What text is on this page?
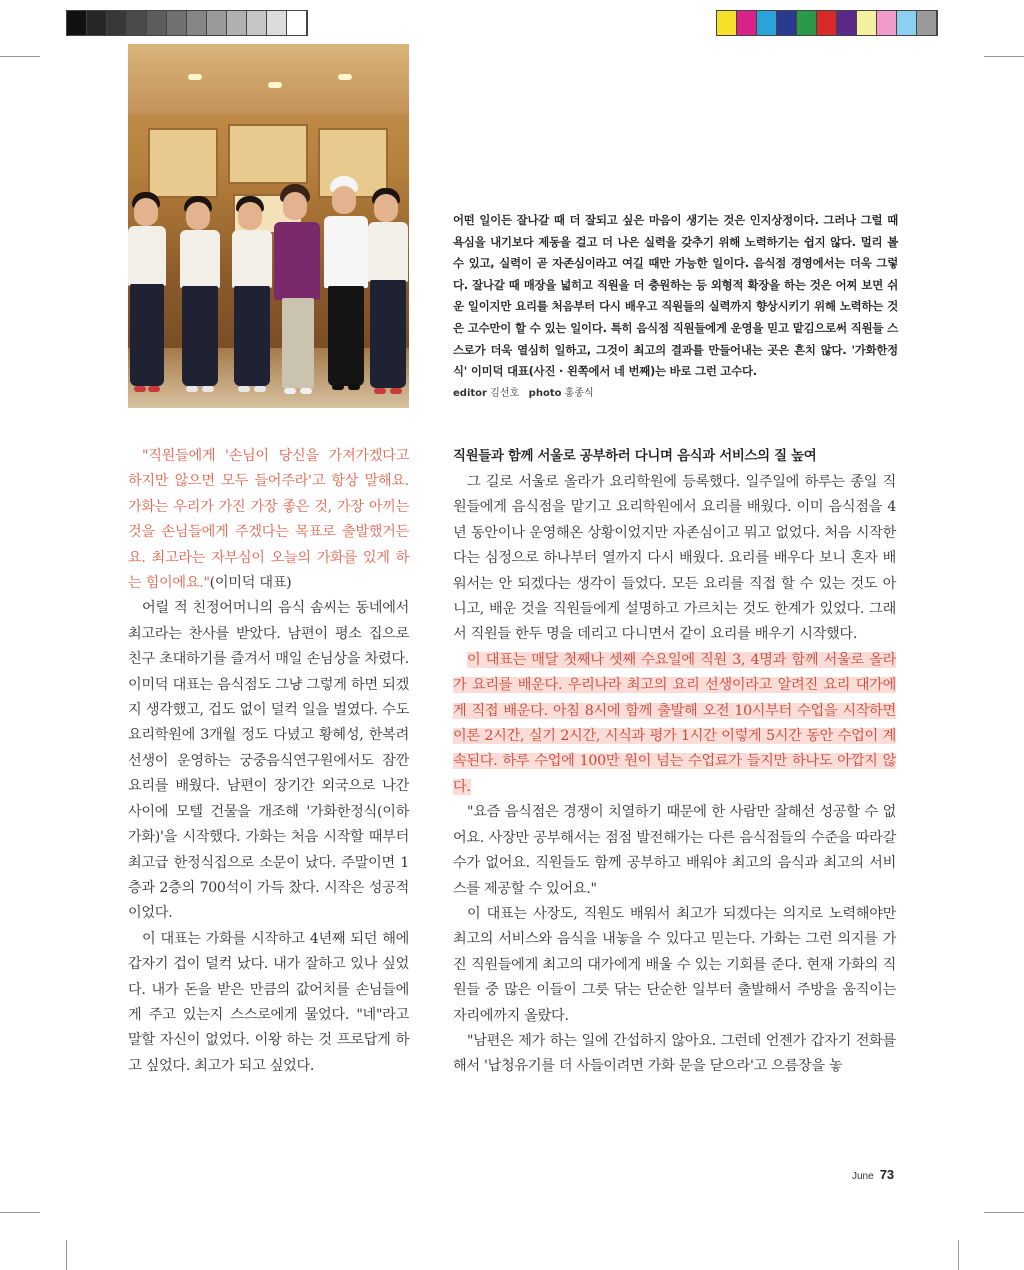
어떤 일이든 잘나갈 때 더 잘되고 싶은 마음이 생기는 것은 인지상정이다. 그러나 그럴 때 욕심을 내기보다 제동을 걸고 더 나은 실력을 갖추기 위해 노력하기는 쉽지 않다. 멀리 볼 수 있고, 실력이 곧 자존심이라고 여길 때만 가능한 일이다. 음식점 경영에서는 더욱 그렇다. 잘나갈 때 매장을 넓히고 직원을 더 충원하는 등 외형적 확장을 하는 것은 어찌 보면 쉬운 일이지만 요리를 처음부터 다시 배우고 직원들의 실력까지 향상시키기 위해 노력하는 것은 고수만이 할 수 있는 일이다. 특히 음식점 직원들에게 운영을 믿고 맡김으로써 직원들 스스로가 더욱 열심히 일하고, 그것이 최고의 결과를 만들어내는 곳은 흔치 않다. '가화한정식' 이미덕 대표(사진 · 왼쪽에서 네 번째)는 바로 그런 고수다.
editor 김선호 photo 홍종식

"직원들에게 '손님이 당신을 가져가겠다고 하지만 않으면 모두 들어주라'고 항상 말해요. 가화는 우리가 가진 가장 좋은 것, 가장 아끼는 것을 손님들에게 주겠다는 목표로 출발했거든요. 최고라는 자부심이 오늘의 가화를 있게 하는 힘이에요."(이미덕 대표)

어릴 적 친정어머니의 음식 솜씨는 동네에서 최고라는 찬사를 받았다. 남편이 평소 집으로 친구 초대하기를 즐겨서 매일 손님상을 차렸다. 이미덕 대표는 음식점도 그냥 그렇게 하면 되겠지 생각했고, 겁도 없이 덜컥 일을 벌였다. 수도요리학원에 3개월 정도 다녔고 황혜성, 한복려 선생이 운영하는 궁중음식연구원에서도 잠깐 요리를 배웠다. 남편이 장기간 외국으로 나간 사이에 모텔 건물을 개조해 '가화한정식(이하 가화)'을 시작했다. 가화는 처음 시작할 때부터 최고급 한정식집으로 소문이 났다. 주말이면 1층과 2층의 700석이 가득 찼다. 시작은 성공적이었다.

이 대표는 가화를 시작하고 4년째 되던 해에 갑자기 겁이 덜컥 났다. 내가 잘하고 있나 싶었다. 내가 돈을 받은 만큼의 값어치를 손님들에게 주고 있는지 스스로에게 물었다. "네"라고 말할 자신이 없었다. 이왕 하는 것 프로답게 하고 싶었다. 최고가 되고 싶었다.

직원들과 함께 서울로 공부하러 다니며 음식과 서비스의 질 높여

그 길로 서울로 올라가 요리학원에 등록했다. 일주일에 하루는 종일 직원들에게 음식점을 맡기고 요리학원에서 요리를 배웠다. 이미 음식점을 4년 동안이나 운영해온 상황이었지만 자존심이고 뭐고 없었다. 처음 시작한다는 심정으로 하나부터 열까지 다시 배웠다. 요리를 배우다 보니 혼자 배워서는 안 되겠다는 생각이 들었다. 모든 요리를 직접 할 수 있는 것도 아니고, 배운 것을 직원들에게 설명하고 가르치는 것도 한계가 있었다. 그래서 직원들 한두 명을 데리고 다니면서 같이 요리를 배우기 시작했다.

이 대표는 매달 첫째나 셋째 수요일에 직원 3, 4명과 함께 서울로 올라가 요리를 배운다. 우리나라 최고의 요리 선생이라고 알려진 요리 대가에게 직접 배운다. 아침 8시에 함께 출발해 오전 10시부터 수업을 시작하면 이론 2시간, 실기 2시간, 시식과 평가 1시간 이렇게 5시간 동안 수업이 계속된다. 하루 수업에 100만 원이 넘는 수업료가 들지만 하나도 아깝지 않다.

"요즘 음식점은 경쟁이 치열하기 때문에 한 사람만 잘해선 성공할 수 없어요. 사장만 공부해서는 점점 발전해가는 다른 음식점들의 수준을 따라갈 수가 없어요. 직원들도 함께 공부하고 배워야 최고의 음식과 최고의 서비스를 제공할 수 있어요."

이 대표는 사장도, 직원도 배워서 최고가 되겠다는 의지로 노력해야만 최고의 서비스와 음식을 내놓을 수 있다고 믿는다. 가화는 그런 의지를 가진 직원들에게 최고의 대가에게 배울 수 있는 기회를 준다. 현재 가화의 직원들 중 많은 이들이 그릇 닦는 단순한 일부터 출발해서 주방을 움직이는 자리에까지 올랐다.

"남편은 제가 하는 일에 간섭하지 않아요. 그런데 언젠가 갑자기 전화를 해서 '납청유기를 더 사들이려면 가화 문을 닫으라'고 으름장을 놓

June 73
